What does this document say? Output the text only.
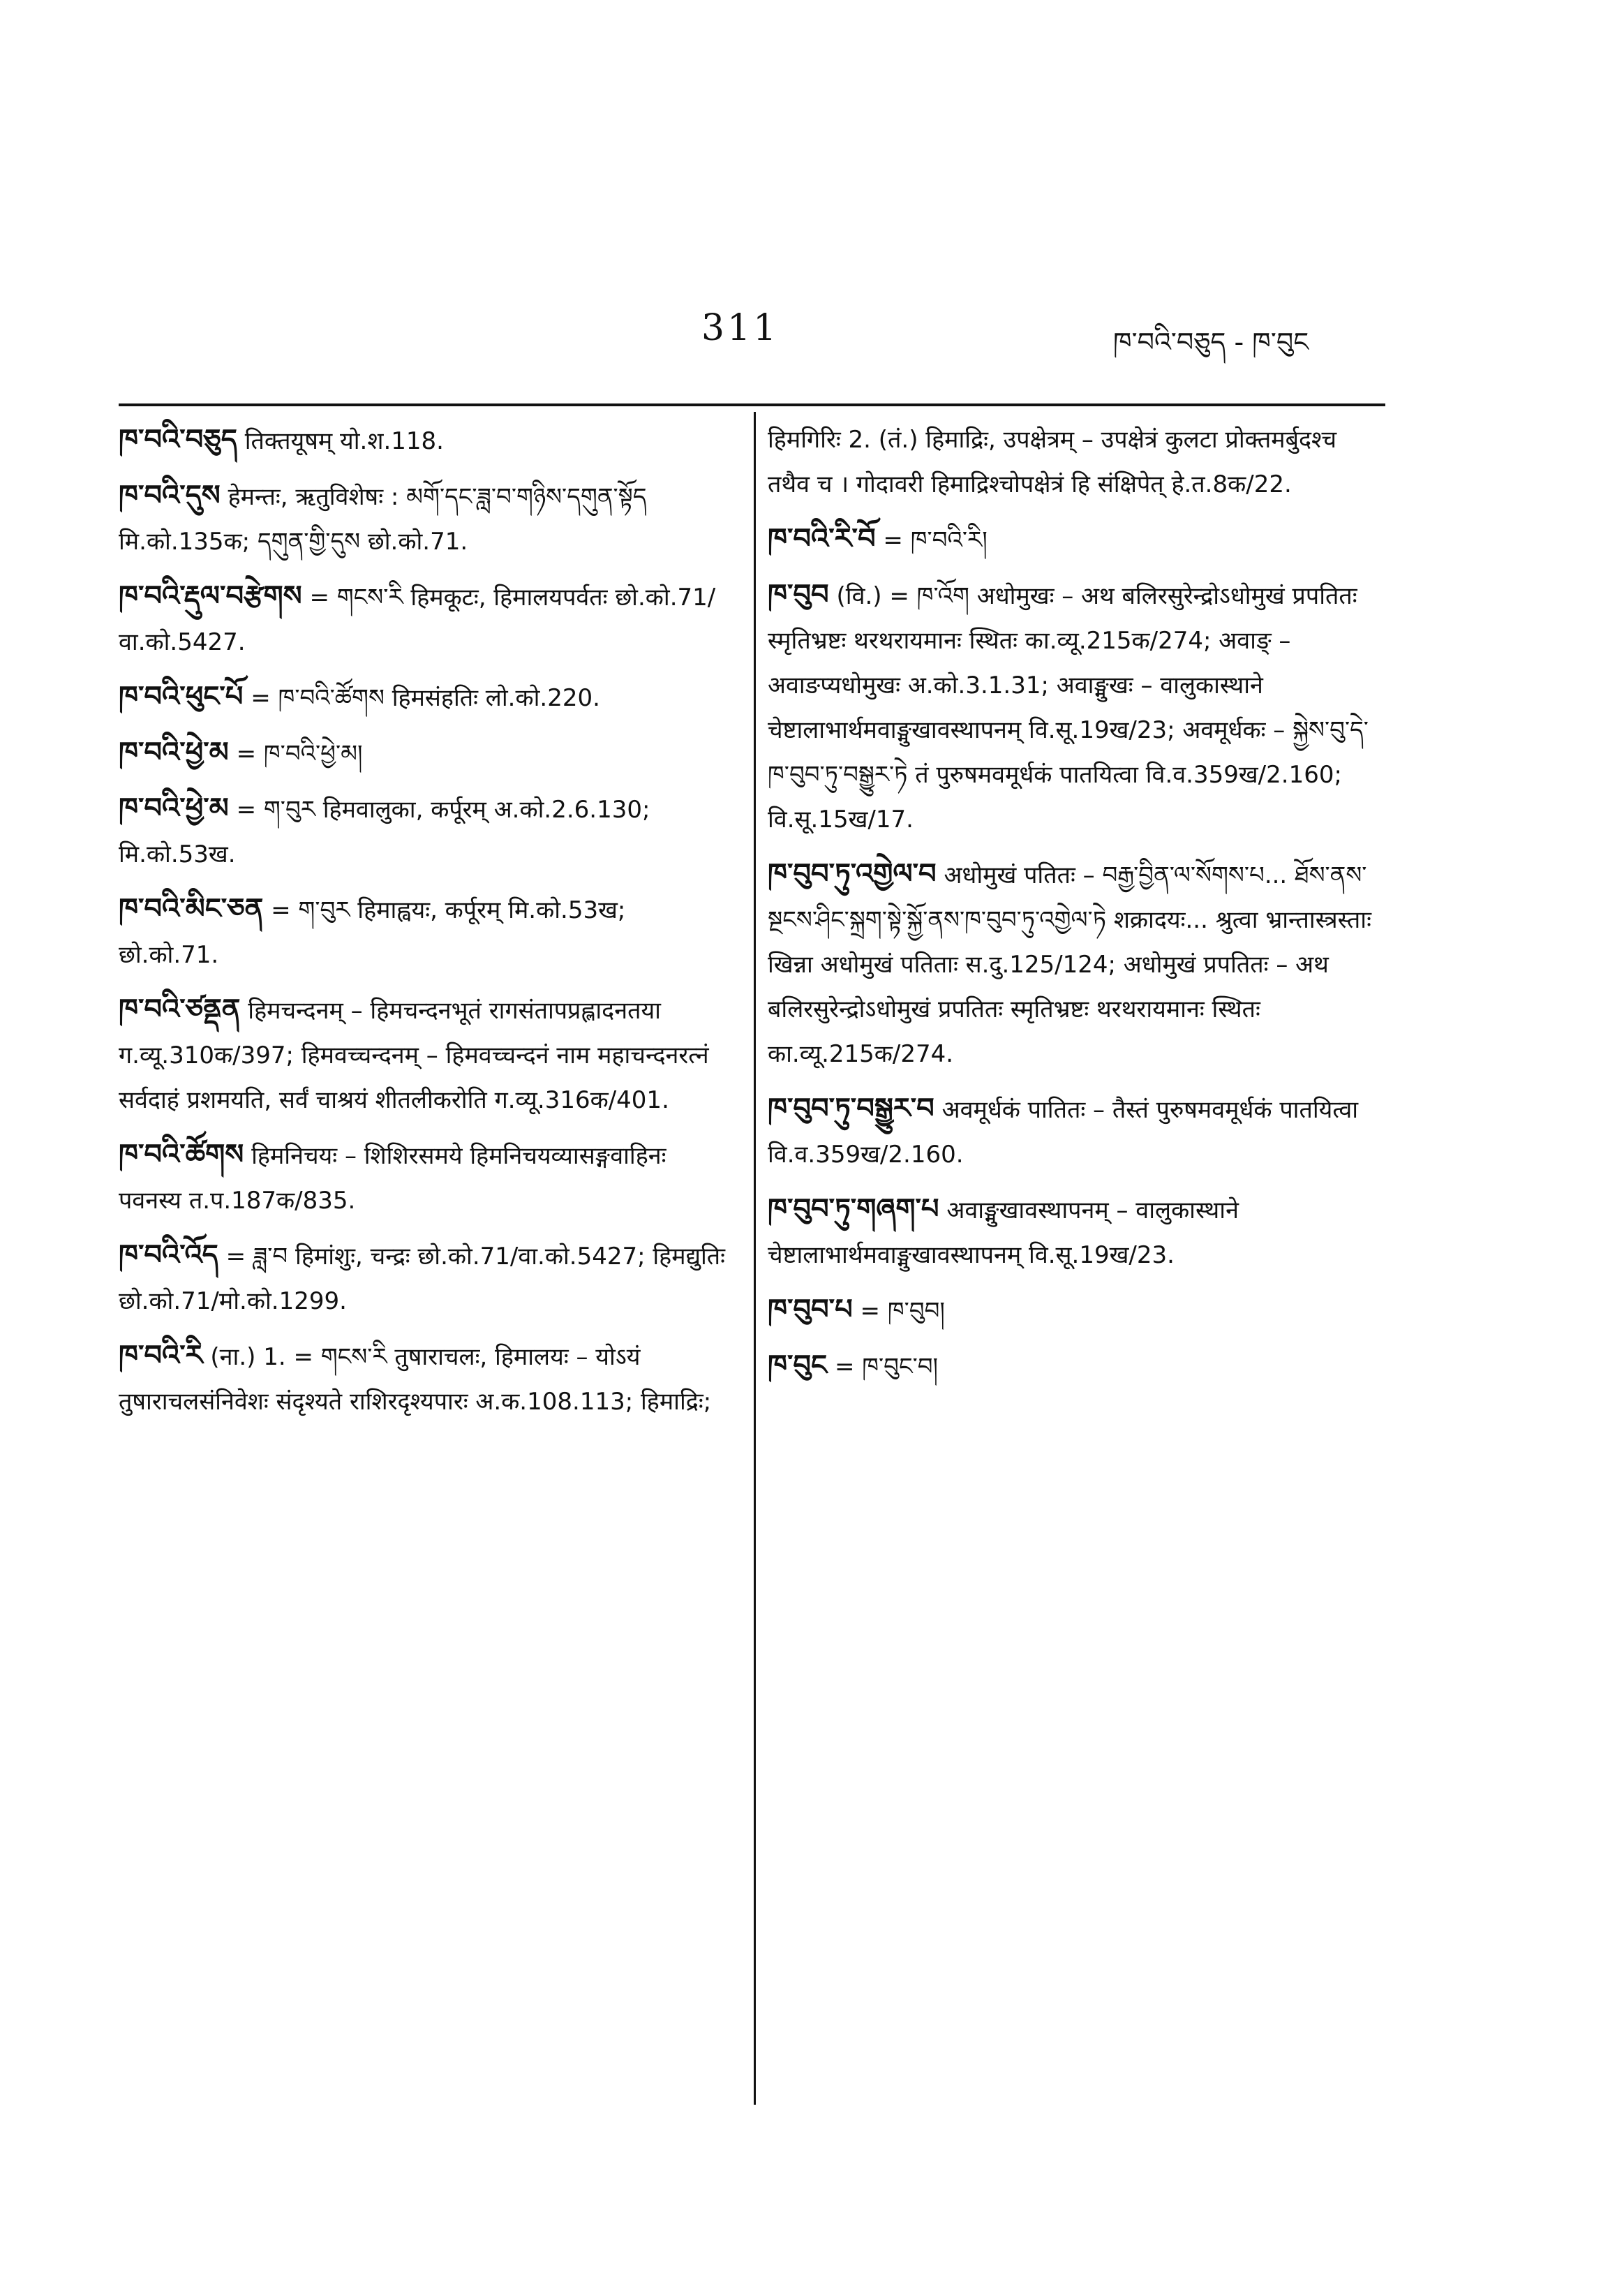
311	ཁ་བའི་བཅུད - ཁ་བུང

ཁ་བའི་བཅུད तिक्तयूषम् यो.श.118.

ཁ་བའི་དུས हेमन्तः, ऋतुविशेषः : མགོ་དང་ཟླ་བ་གཉིས་དགུན་སྟོད मि.को.135क; དགུན་གྱི་དུས छो.को.71.

ཁ་བའི་རྡུལ་བརྩེགས = གངས་རི हिमकूटः, हिमालयपर्वतः छो.को.71/वा.को.5427.

ཁ་བའི་ཕུང་པོ = ཁ་བའི་ཚོགས हिमसंहतिः लो.को.220.

ཁ་བའི་ཕྱེ་མ = ཁ་བའི་ཕྱེ་མ།

ཁ་བའི་ཕྱེ་མ = ག་བུར हिमवालुका, कर्पूरम् अ.को.2.6.130; मि.को.53ख.

ཁ་བའི་མིང་ཅན = ག་བུར हिमाह्वयः, कर्पूरम् मि.को.53ख; छो.को.71.

ཁ་བའི་ཙནྡན हिमचन्दनम् – हिमचन्दनभूतं रागसंतापप्रह्लादनतया ग.व्यू.310क/397; हिमवच्चन्दनम् – हिमवच्चन्दनं नाम महाचन्दनरत्नं सर्वदाहं प्रशमयति, सर्वं चाश्रयं शीतलीकरोति ग.व्यू.316क/401.

ཁ་བའི་ཚོགས हिमनिचयः – शिशिरसमये हिमनिचयव्यासङ्गवाहिनः पवनस्य त.प.187क/835.

ཁ་བའི་འོད = ཟླ་བ हिमांशुः, चन्द्रः छो.को.71/वा.को.5427; हिमद्युतिः छो.को.71/मो.को.1299.

ཁ་བའི་རི (ना.) 1. = གངས་རི तुषाराचलः, हिमालयः – योऽयं तुषाराचलसंनिवेशः संदृश्यते राशिरदृश्यपारः अ.क.108.113; हिमाद्रिः;

हिमगिरिः 2. (तं.) हिमाद्रिः, उपक्षेत्रम् – उपक्षेत्रं कुलटा प्रोक्तमर्बुदश्च तथैव च । गोदावरी हिमाद्रिश्चोपक्षेत्रं हि संक्षिपेत् हे.त.8क/22.

ཁ་བའི་རི་བོ = ཁ་བའི་རི།

ཁ་བུབ (वि.) = ཁ་འོག अधोमुखः – अथ बलिरसुरेन्द्रोऽधोमुखं प्रपतितः स्मृतिभ्रष्टः थरथरायमानः स्थितः का.व्यू.215क/274; अवाङ् – अवाङप्यधोमुखः अ.को.3.1.31; अवाङ्मुखः – वालुकास्थाने चेष्टालाभार्थमवाङ्मुखावस्थापनम् वि.सू.19ख/23; अवमूर्धकः – སྐྱེས་བུ་དེ་ཁ་བུབ་ཏུ་བསྒྱུར་ཏེ तं पुरुषमवमूर्धकं पातयित्वा वि.व.359ख/2.160; वि.सू.15ख/17.

ཁ་བུབ་ཏུ་འགྱེལ་བ अधोमुखं पतितः – བརྒྱ་བྱིན་ལ་སོགས་པ... ཐོས་ནས་སྔངས་ཤིང་སྐྲག་སྟེ་སྐྱོ་ནས་ཁ་བུབ་ཏུ་འགྱེལ་ཏེ शक्रादयः... श्रुत्वा भ्रान्तास्त्रस्ताः खिन्ना अधोमुखं पतिताः स.दु.125/124; अधोमुखं प्रपतितः – अथ बलिरसुरेन्द्रोऽधोमुखं प्रपतितः स्मृतिभ्रष्टः थरथरायमानः स्थितः का.व्यू.215क/274.

ཁ་བུབ་ཏུ་བསྒྱུར་བ अवमूर्धकं पातितः – तैस्तं पुरुषमवमूर्धकं पातयित्वा वि.व.359ख/2.160.

ཁ་བུབ་ཏུ་གཞག་པ अवाङ्मुखावस्थापनम् – वालुकास्थाने चेष्टालाभार्थमवाङ्मुखावस्थापनम् वि.सू.19ख/23.

ཁ་བུབ་པ = ཁ་བུབ།

ཁ་བུང = ཁ་བུང་བ།
